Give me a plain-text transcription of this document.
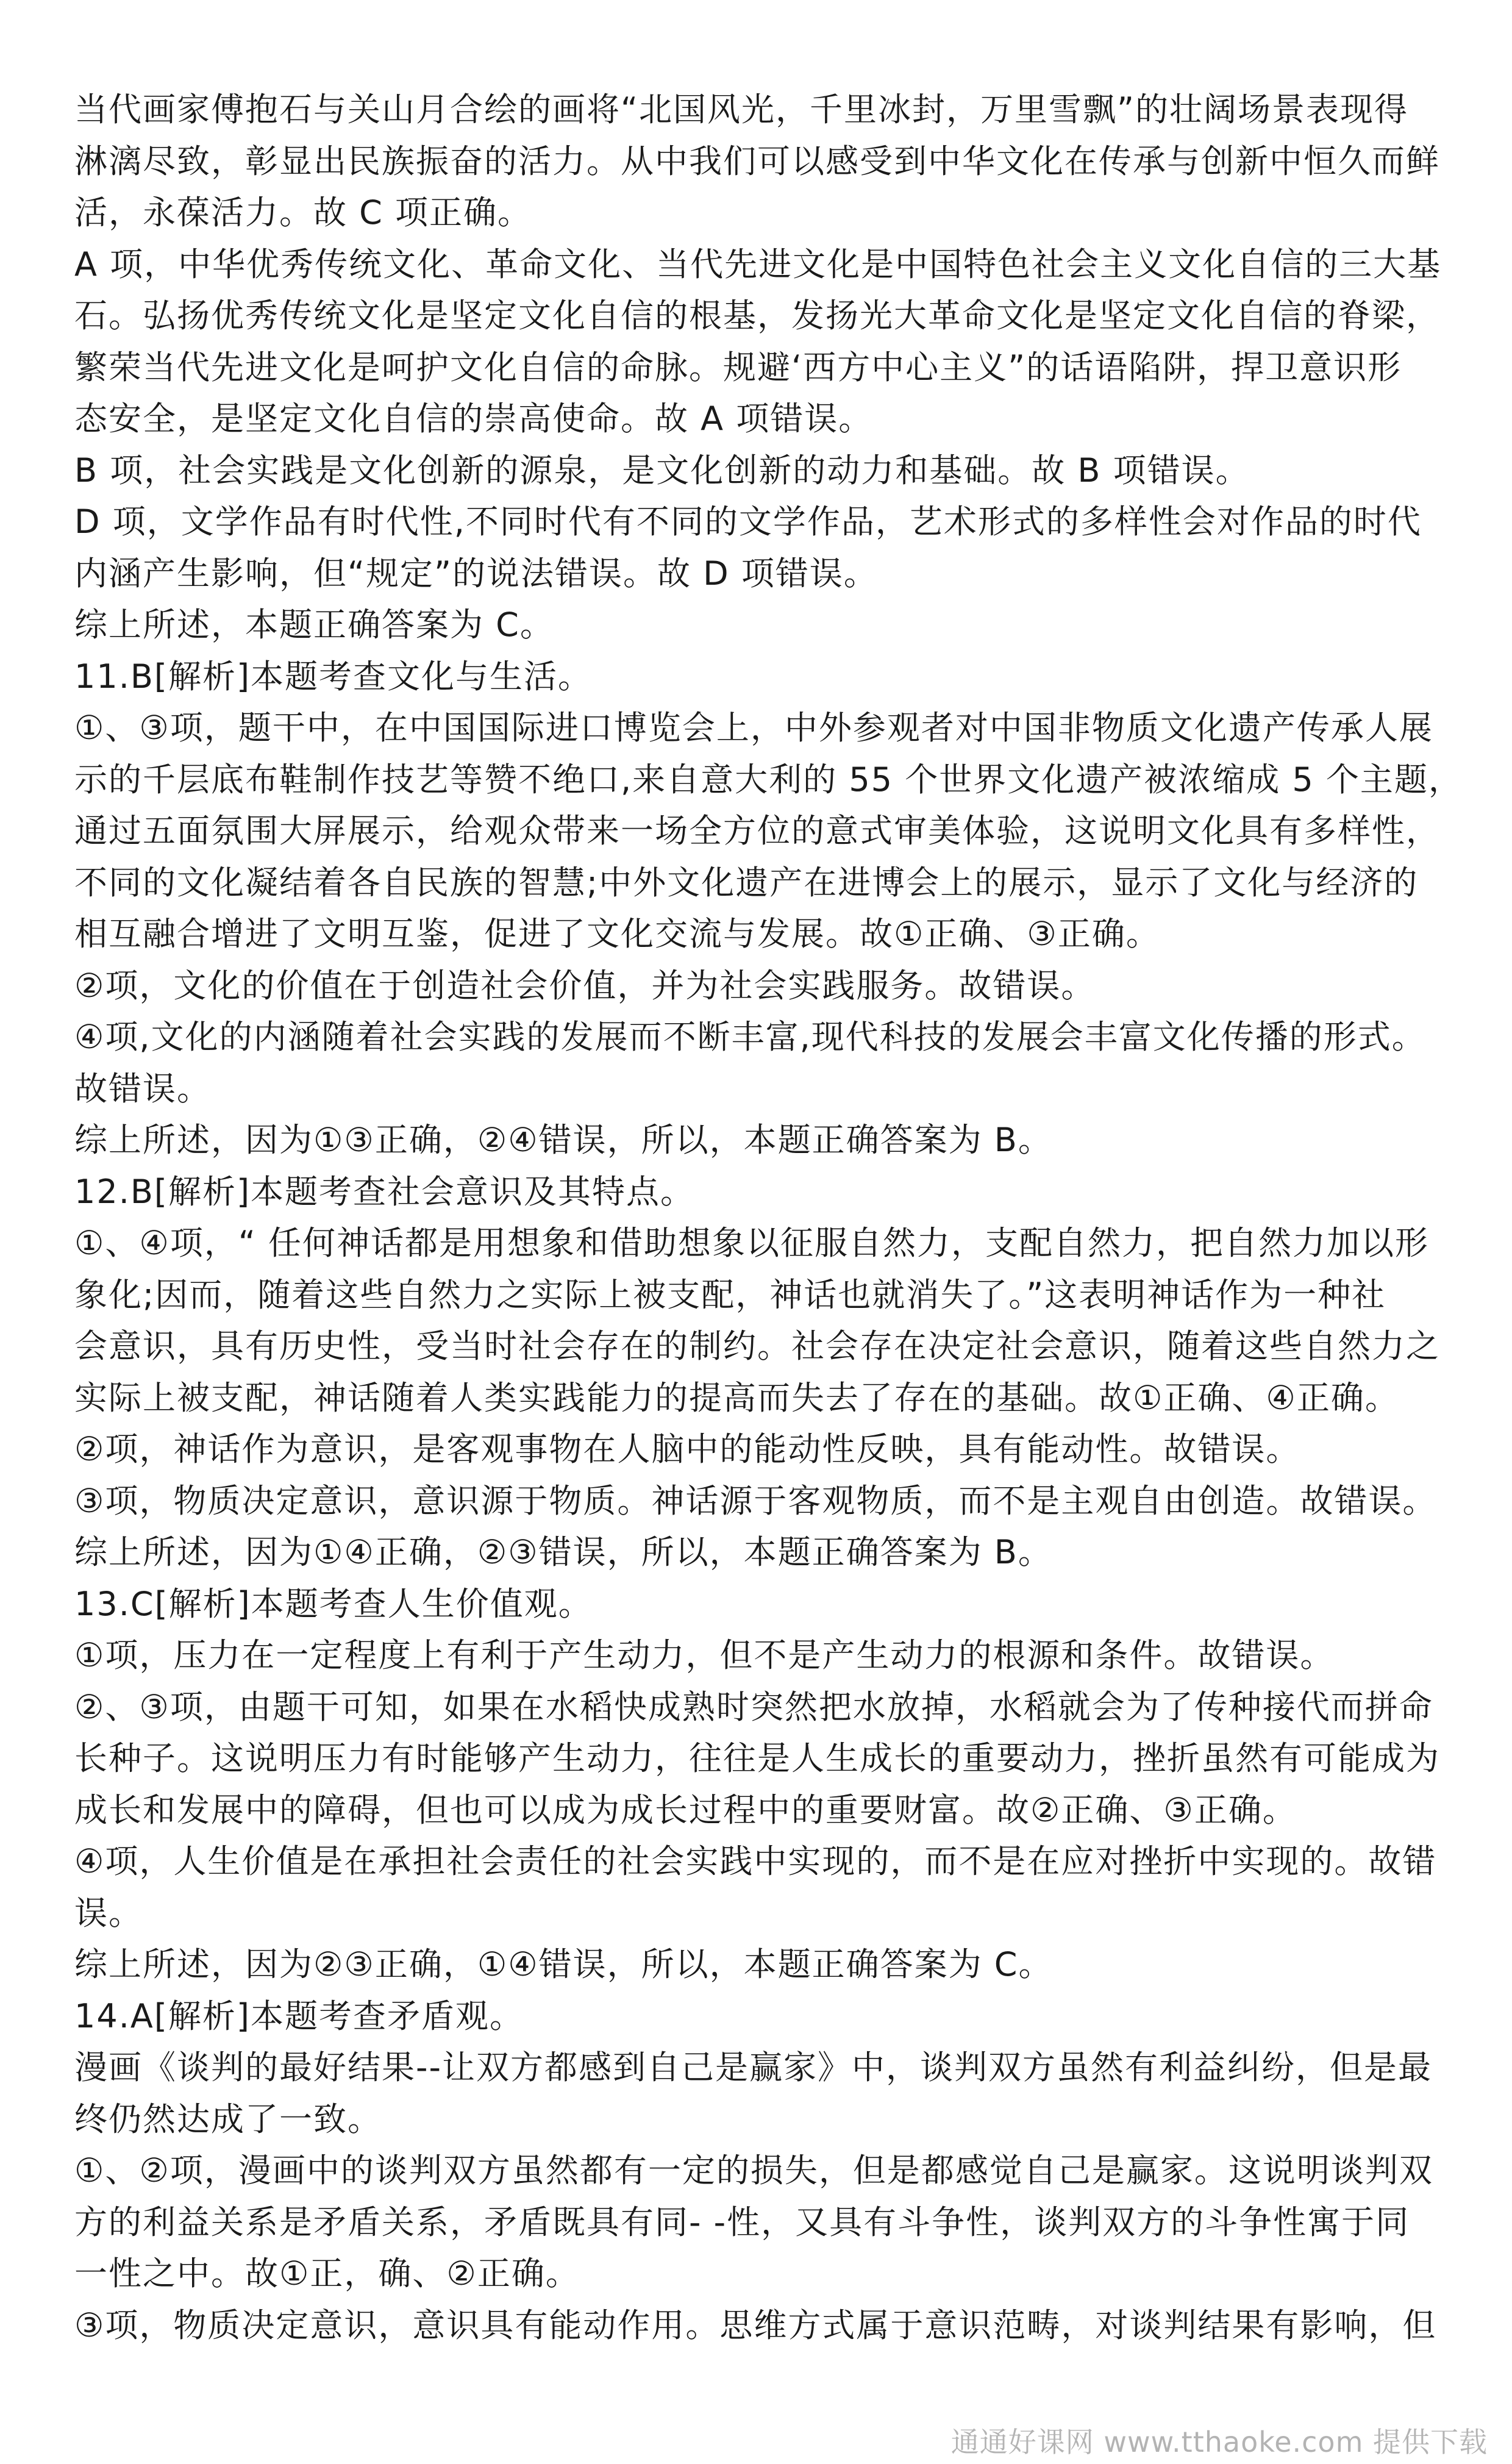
当代画家傅抱石与关山月合绘的画将“北国风光，千里冰封，万里雪飘”的壮阔场景表现得
淋漓尽致，彰显出民族振奋的活力。从中我们可以感受到中华文化在传承与创新中恒久而鲜
活，永葆活力。故 C 项正确。
A 项，中华优秀传统文化、革命文化、当代先进文化是中国特色社会主义文化自信的三大基
石。弘扬优秀传统文化是坚定文化自信的根基，发扬光大革命文化是坚定文化自信的脊梁，
繁荣当代先进文化是呵护文化自信的命脉。规避‘西方中心主义”的话语陷阱，捍卫意识形
态安全，是坚定文化自信的崇高使命。故 A 项错误。
B 项，社会实践是文化创新的源泉，是文化创新的动力和基础。故 B 项错误。
D 项，文学作品有时代性,不同时代有不同的文学作品，艺术形式的多样性会对作品的时代
内涵产生影响，但“规定”的说法错误。故 D 项错误。
综上所述，本题正确答案为 C。
11.B[解析]本题考查文化与生活。
①、③项，题干中，在中国国际进口博览会上，中外参观者对中国非物质文化遗产传承人展
示的千层底布鞋制作技艺等赞不绝口,来自意大利的 55 个世界文化遗产被浓缩成 5 个主题，
通过五面氛围大屏展示，给观众带来一场全方位的意式审美体验，这说明文化具有多样性，
不同的文化凝结着各自民族的智慧;中外文化遗产在进博会上的展示，显示了文化与经济的
相互融合增进了文明互鉴，促进了文化交流与发展。故①正确、③正确。
②项，文化的价值在于创造社会价值，并为社会实践服务。故错误。
④项,文化的内涵随着社会实践的发展而不断丰富,现代科技的发展会丰富文化传播的形式。
故错误。
综上所述，因为①③正确，②④错误，所以，本题正确答案为 B。
12.B[解析]本题考查社会意识及其特点。
①、④项，“ 任何神话都是用想象和借助想象以征服自然力，支配自然力，把自然力加以形
象化;因而，随着这些自然力之实际上被支配，神话也就消失了。”这表明神话作为一种社
会意识，具有历史性，受当时社会存在的制约。社会存在决定社会意识，随着这些自然力之
实际上被支配，神话随着人类实践能力的提高而失去了存在的基础。故①正确、④正确。
②项，神话作为意识，是客观事物在人脑中的能动性反映，具有能动性。故错误。
③项，物质决定意识，意识源于物质。神话源于客观物质，而不是主观自由创造。故错误。
综上所述，因为①④正确，②③错误，所以，本题正确答案为 B。
13.C[解析]本题考查人生价值观。
①项，压力在一定程度上有利于产生动力，但不是产生动力的根源和条件。故错误。
②、③项，由题干可知，如果在水稻快成熟时突然把水放掉，水稻就会为了传种接代而拼命
长种子。这说明压力有时能够产生动力，往往是人生成长的重要动力，挫折虽然有可能成为
成长和发展中的障碍，但也可以成为成长过程中的重要财富。故②正确、③正确。
④项，人生价值是在承担社会责任的社会实践中实现的，而不是在应对挫折中实现的。故错
误。
综上所述，因为②③正确，①④错误，所以，本题正确答案为 C。
14.A[解析]本题考查矛盾观。
漫画《谈判的最好结果--让双方都感到自己是赢家》中，谈判双方虽然有利益纠纷，但是最
终仍然达成了一致。
①、②项，漫画中的谈判双方虽然都有一定的损失，但是都感觉自己是赢家。这说明谈判双
方的利益关系是矛盾关系，矛盾既具有同- -性，又具有斗争性，谈判双方的斗争性寓于同
一性之中。故①正，确、②正确。
③项，物质决定意识，意识具有能动作用。思维方式属于意识范畴，对谈判结果有影响，但
通通好课网 www.tthaoke.com 提供下载
